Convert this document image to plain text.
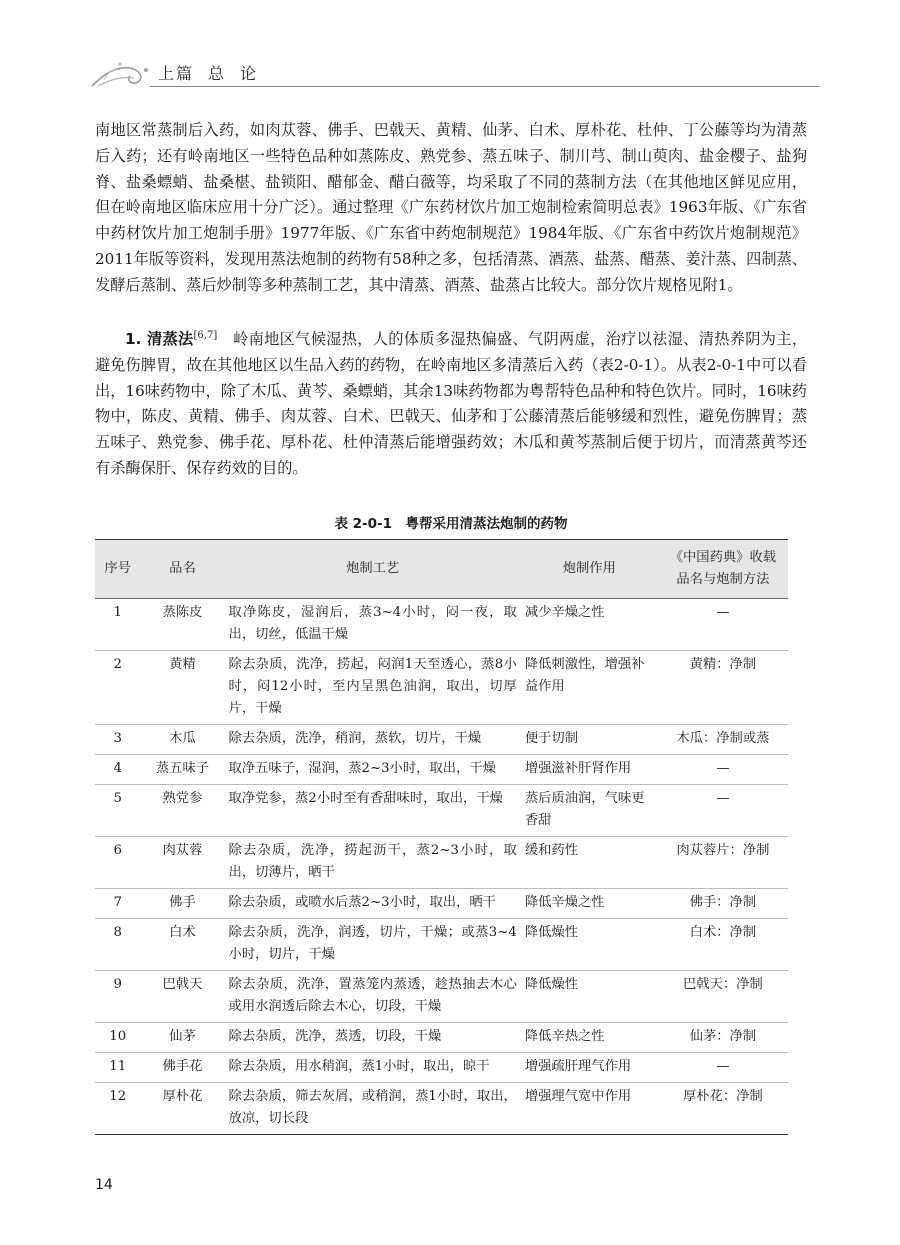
上篇 总 论

南地区常蒸制后入药，如肉苁蓉、佛手、巴戟天、黄精、仙茅、白术、厚朴花、杜仲、丁公藤等均为清蒸后入药；还有岭南地区一些特色品种如蒸陈皮、熟党参、蒸五味子、制川芎、制山萸肉、盐金樱子、盐狗脊、盐桑螵蛸、盐桑椹、盐锁阳、醋郁金、醋白薇等，均采取了不同的蒸制方法（在其他地区鲜见应用，但在岭南地区临床应用十分广泛）。通过整理《广东药材饮片加工炮制检索简明总表》1963年版、《广东省中药材饮片加工炮制手册》1977年版、《广东省中药炮制规范》1984年版、《广东省中药饮片炮制规范》2011年版等资料，发现用蒸法炮制的药物有58种之多，包括清蒸、酒蒸、盐蒸、醋蒸、姜汁蒸、四制蒸、发酵后蒸制、蒸后炒制等多种蒸制工艺，其中清蒸、酒蒸、盐蒸占比较大。部分饮片规格见附1。

1. 清蒸法[6,7]　岭南地区气候湿热，人的体质多湿热偏盛、气阴两虚，治疗以祛湿、清热养阴为主，避免伤脾胃，故在其他地区以生品入药的药物，在岭南地区多清蒸后入药（表2-0-1）。从表2-0-1中可以看出，16味药物中，除了木瓜、黄芩、桑螵蛸，其余13味药物都为粤帮特色品种和特色饮片。同时，16味药物中，陈皮、黄精、佛手、肉苁蓉、白术、巴戟天、仙茅和丁公藤清蒸后能够缓和烈性，避免伤脾胃；蒸五味子、熟党参、佛手花、厚朴花、杜仲清蒸后能增强药效；木瓜和黄芩蒸制后便于切片，而清蒸黄芩还有杀酶保肝、保存药效的目的。

表 2-0-1　粤帮采用清蒸法炮制的药物
序号	品名	炮制工艺	炮制作用	《中国药典》收载
品名与炮制方法
1	蒸陈皮	取净陈皮，湿润后，蒸3~4小时，闷一夜，取出，切丝，低温干燥	减少辛燥之性	—
2	黄精	除去杂质，洗净，捞起，闷润1天至透心，蒸8小时，闷12小时，至内呈黑色油润，取出，切厚片，干燥	降低刺激性，增强补益作用	黄精：净制
3	木瓜	除去杂质，洗净，稍润，蒸软，切片，干燥	便于切制	木瓜：净制或蒸
4	蒸五味子	取净五味子，湿润，蒸2~3小时，取出，干燥	增强滋补肝肾作用	—
5	熟党参	取净党参，蒸2小时至有香甜味时，取出，干燥	蒸后质油润，气味更香甜	—
6	肉苁蓉	除去杂质，洗净，捞起沥干，蒸2~3小时，取出，切薄片，晒干	缓和药性	肉苁蓉片：净制
7	佛手	除去杂质，或喷水后蒸2~3小时，取出，晒干	降低辛燥之性	佛手：净制
8	白术	除去杂质，洗净，润透，切片，干燥；或蒸3~4小时，切片，干燥	降低燥性	白术：净制
9	巴戟天	除去杂质，洗净，置蒸笼内蒸透，趁热抽去木心或用水润透后除去木心，切段，干燥	降低燥性	巴戟天：净制
10	仙茅	除去杂质，洗净，蒸透，切段，干燥	降低辛热之性	仙茅：净制
11	佛手花	除去杂质，用水稍润，蒸1小时，取出，晾干	增强疏肝理气作用	—
12	厚朴花	除去杂质，筛去灰屑，或稍润，蒸1小时，取出，放凉，切长段	增强理气宽中作用	厚朴花：净制
14
